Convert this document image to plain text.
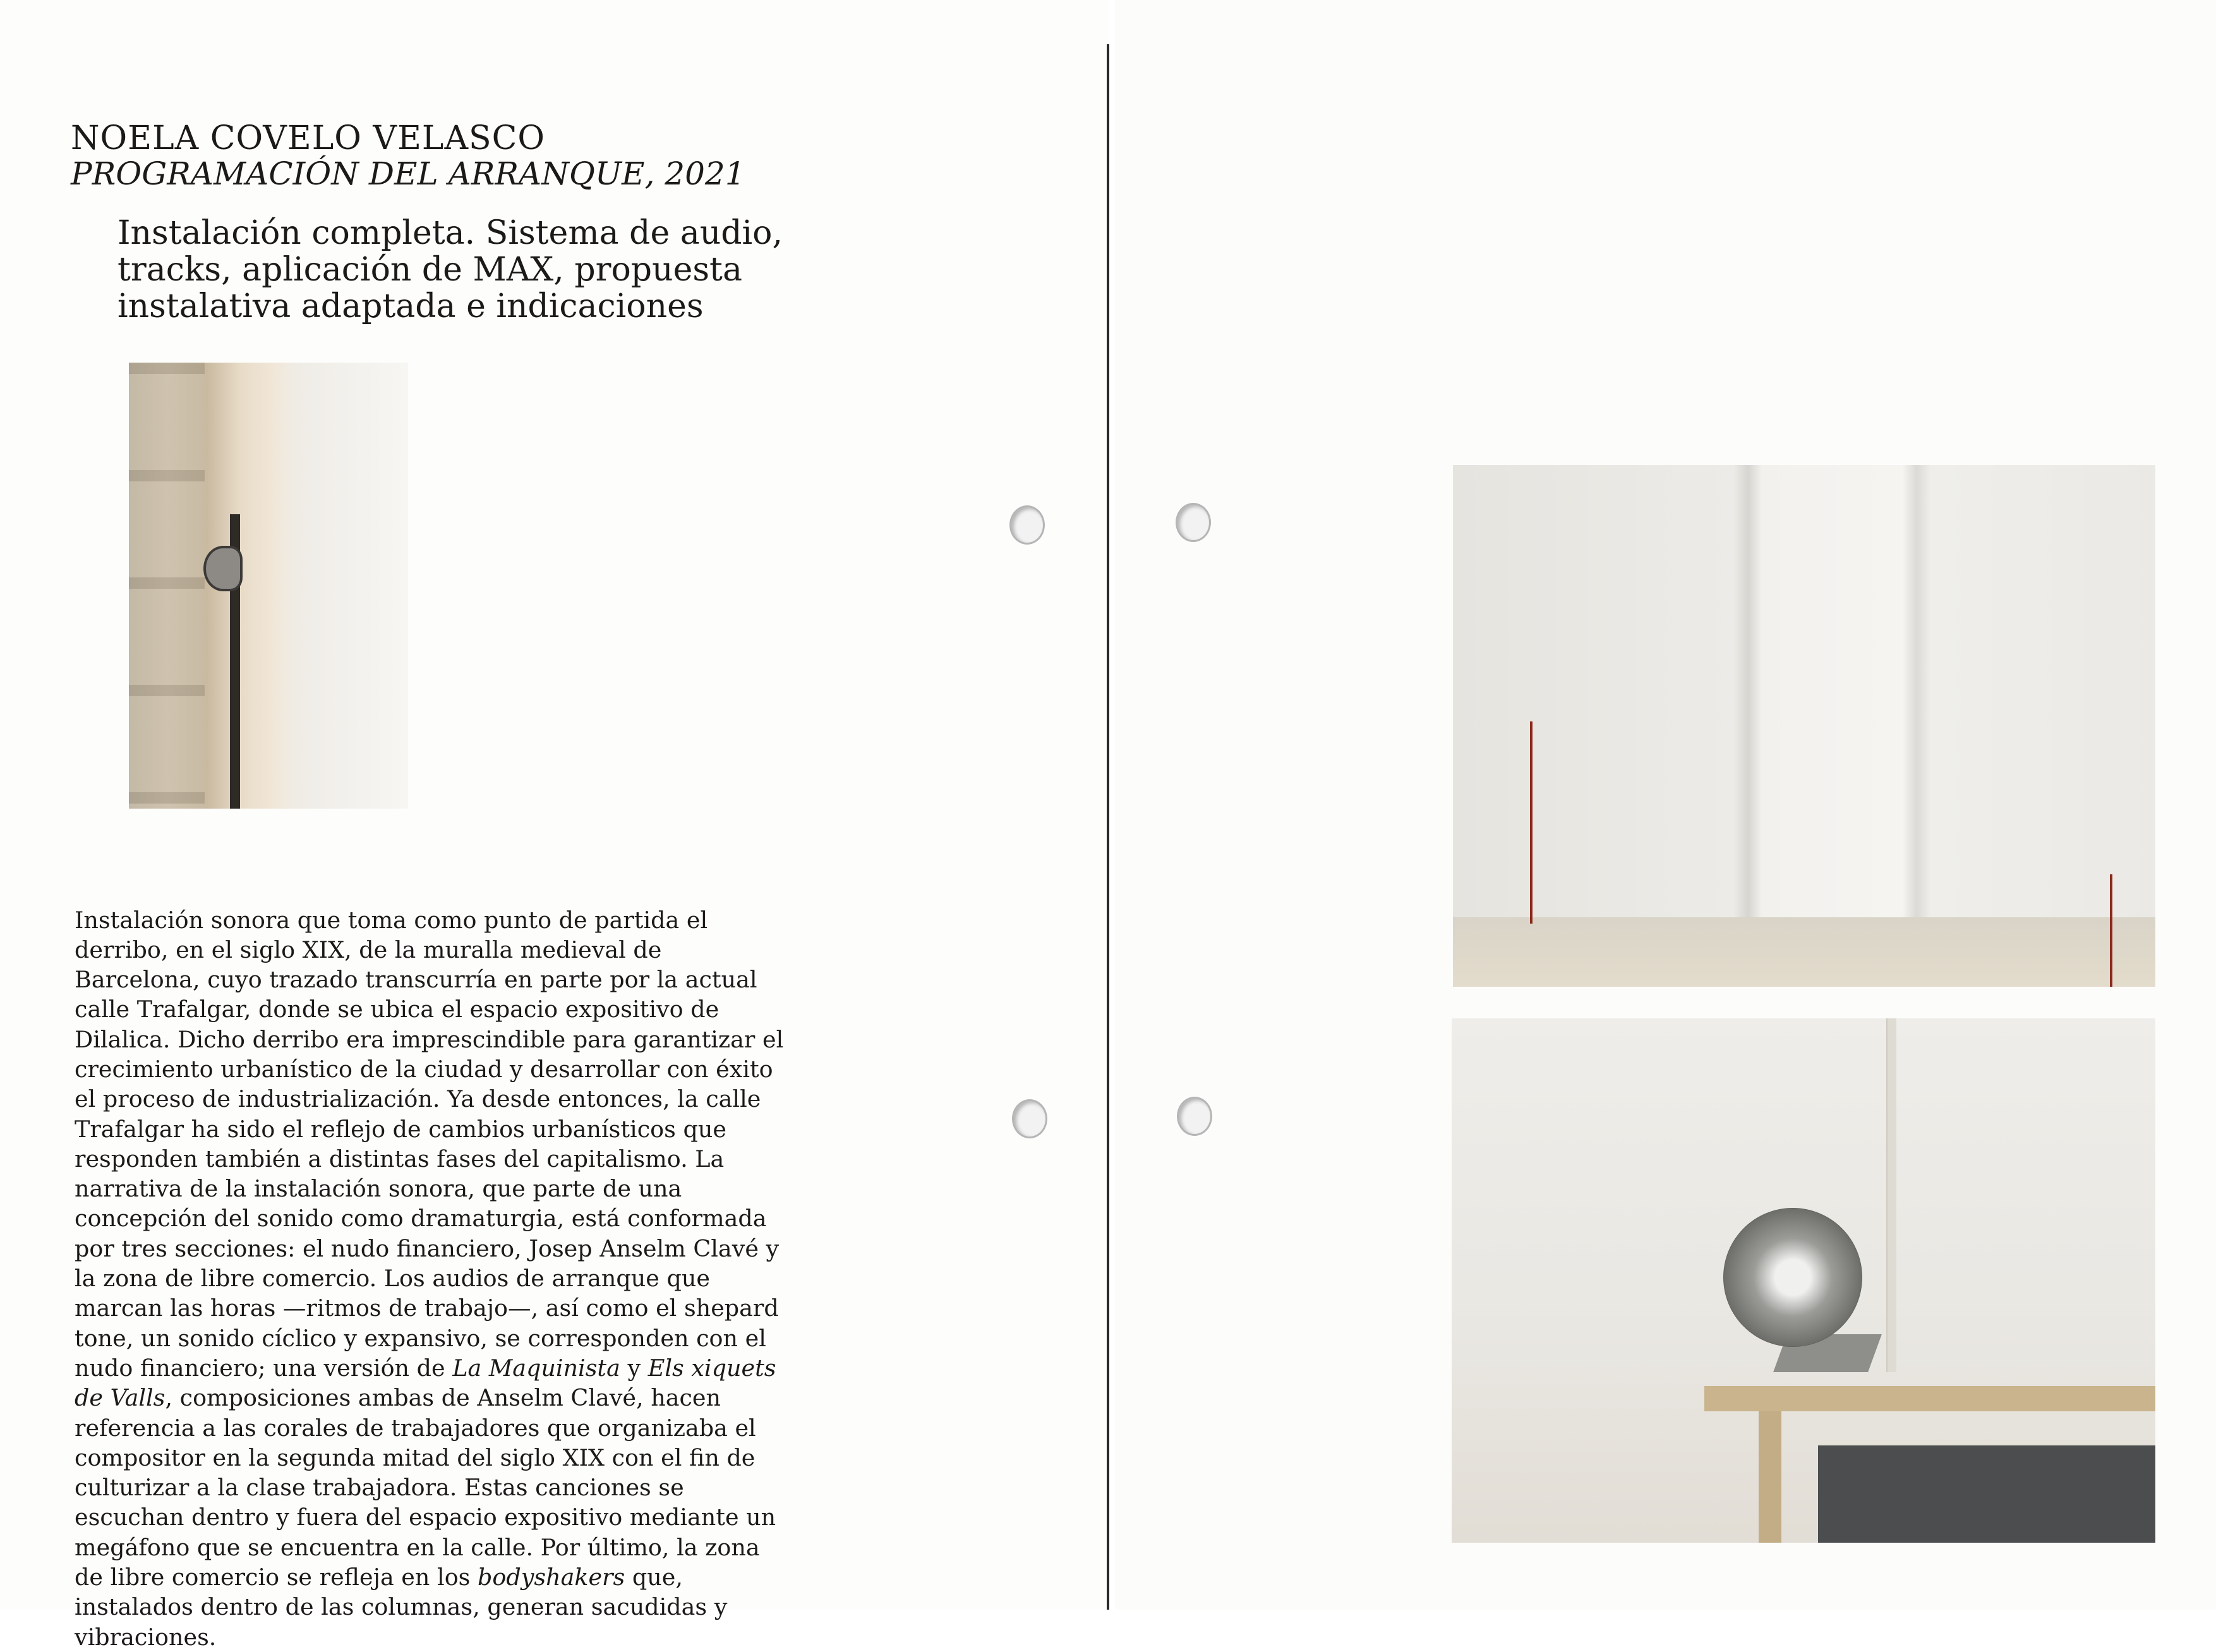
NOELA COVELO VELASCO
PROGRAMACIÓN DEL ARRANQUE, 2021
Instalación completa. Sistema de audio, tracks, aplicación de MAX, propuesta instalativa adaptada e indicaciones

Instalación sonora que toma como punto de partida el derribo, en el siglo XIX, de la muralla medieval de Barcelona, cuyo trazado transcurría en parte por la actual calle Trafalgar, donde se ubica el espacio expositivo de Dilalica. Dicho derribo era imprescindible para garantizar el crecimiento urbanístico de la ciudad y desarrollar con éxito el proceso de industrialización. Ya desde entonces, la calle Trafalgar ha sido el reflejo de cambios urbanísticos que responden también a distintas fases del capitalismo. La narrativa de la instalación sonora, que parte de una concepción del sonido como dramaturgia, está conformada por tres secciones: el nudo financiero, Josep Anselm Clavé y la zona de libre comercio. Los audios de arranque que marcan las horas —ritmos de trabajo—, así como el shepard tone, un sonido cíclico y expansivo, se corresponden con el nudo financiero; una versión de La Maquinista y Els xiquets de Valls, composiciones ambas de Anselm Clavé, hacen referencia a las corales de trabajadores que organizaba el compositor en la segunda mitad del siglo XIX con el fin de culturizar a la clase trabajadora. Estas canciones se escuchan dentro y fuera del espacio expositivo mediante un megáfono que se encuentra en la calle. Por último, la zona de libre comercio se refleja en los bodyshakers que, instalados dentro de las columnas, generan sacudidas y vibraciones.
